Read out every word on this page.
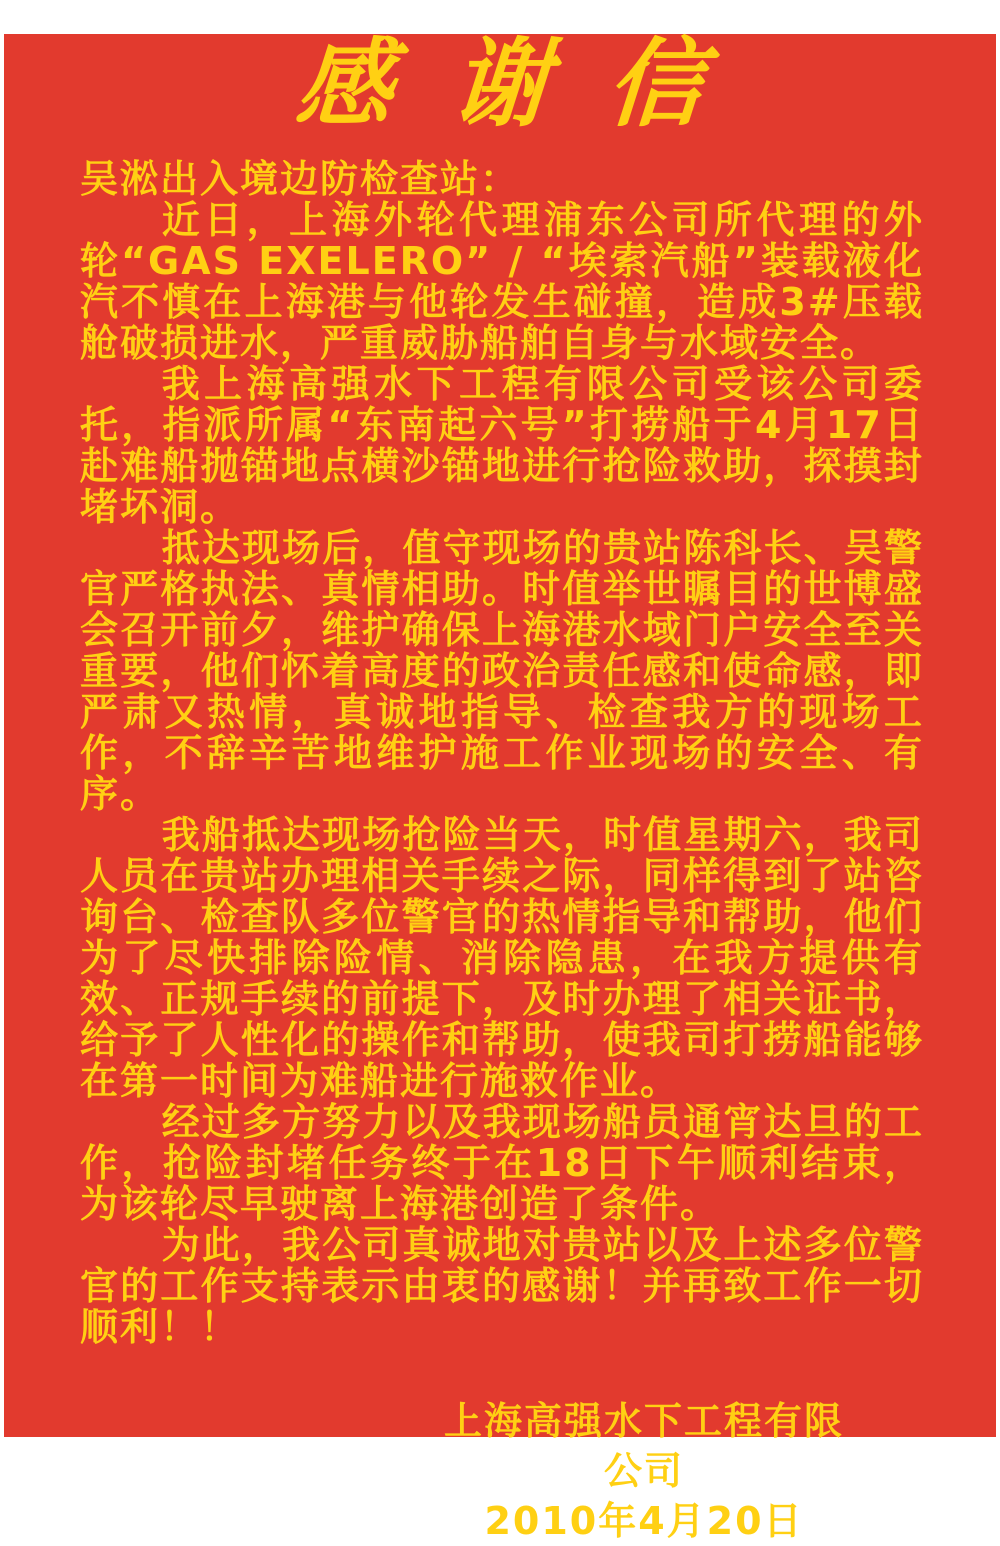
感谢信
吴淞出入境边防检查站：

近日，上海外轮代理浦东公司所代理的外轮“GAS EXELERO” / “埃索汽船”装载液化汽不慎在上海港与他轮发生碰撞，造成3#压载舱破损进水，严重威胁船舶自身与水域安全。

我上海高强水下工程有限公司受该公司委托，指派所属“东南起六号”打捞船于4月17日赴难船抛锚地点横沙锚地进行抢险救助，探摸封堵坏洞。

抵达现场后，值守现场的贵站陈科长、吴警官严格执法、真情相助。时值举世瞩目的世博盛会召开前夕，维护确保上海港水域门户安全至关重要，他们怀着高度的政治责任感和使命感，即严肃又热情，真诚地指导、检查我方的现场工作，不辞辛苦地维护施工作业现场的安全、有序。

我船抵达现场抢险当天，时值星期六，我司人员在贵站办理相关手续之际，同样得到了站咨询台、检查队多位警官的热情指导和帮助，他们为了尽快排除险情、消除隐患，在我方提供有效、正规手续的前提下，及时办理了相关证书，给予了人性化的操作和帮助，使我司打捞船能够在第一时间为难船进行施救作业。

经过多方努力以及我现场船员通宵达旦的工作，抢险封堵任务终于在18日下午顺利结束，为该轮尽早驶离上海港创造了条件。

为此，我公司真诚地对贵站以及上述多位警官的工作支持表示由衷的感谢！并再致工作一切顺利！！

上海高强水下工程有限公司
2010年4月20日
